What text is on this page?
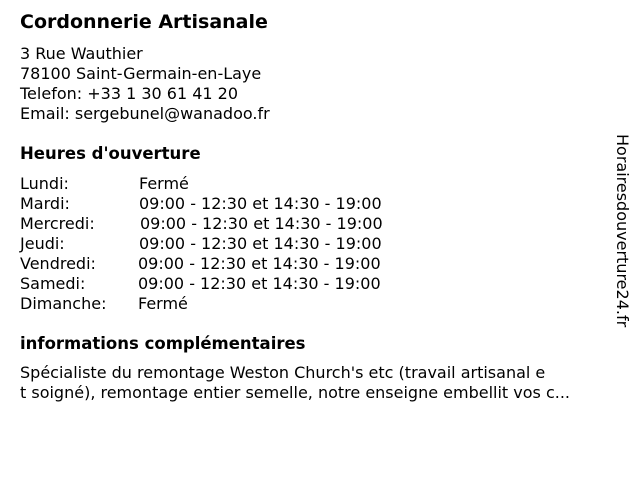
Cordonnerie Artisanale
3 Rue Wauthier
78100 Saint-Germain-en-Laye
Telefon: +33 1 30 61 41 20
Email: sergebunel@wanadoo.fr
Heures d'ouverture
Lundi:	Fermé
Mardi:	09:00 - 12:30 et 14:30 - 19:00
Mercredi:	09:00 - 12:30 et 14:30 - 19:00
Jeudi:	09:00 - 12:30 et 14:30 - 19:00
Vendredi:	09:00 - 12:30 et 14:30 - 19:00
Samedi:	09:00 - 12:30 et 14:30 - 19:00
Dimanche: Fermé
informations complémentaires
Spécialiste du remontage Weston Church's etc (travail artisanal e
t soigné), remontage entier semelle, notre enseigne embellit vos c...
Horairesdouverture24.fr
